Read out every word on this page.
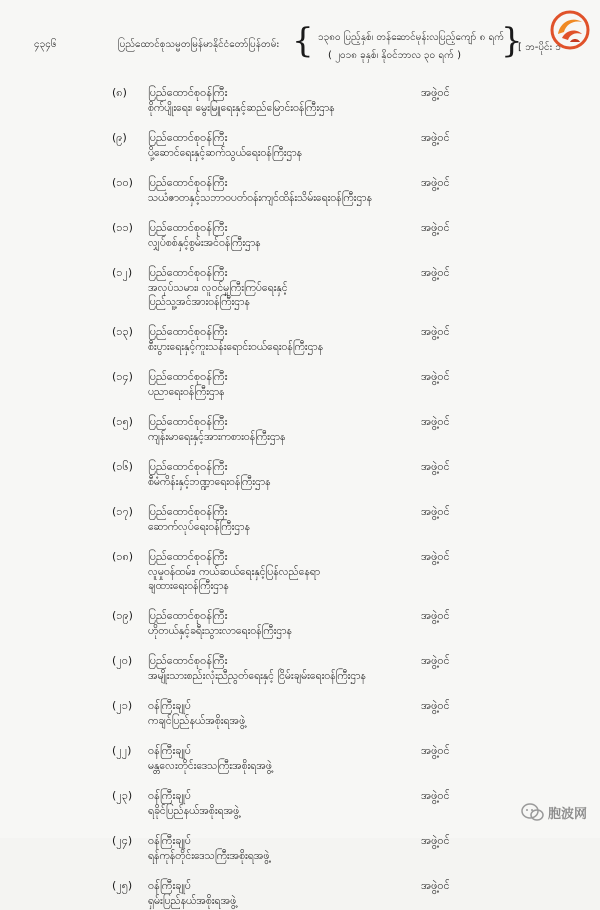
၄၃၄၆	ပြည်ထောင်စုသမ္မတမြန်မာနိုင်ငံတော်ပြန်တမ်း { ၁၃၈၀ ပြည့်နှစ်၊ တန်ဆောင်မုန်းလပြည့်ကျော် ၈ ရက်
( ၂၀၁၈ ခုနှစ်၊ နိုဝင်ဘာလ ၃၀ ရက် ) }
[ ဘ-ပိုင်း ၁
(၈) ပြည်ထောင်စုဝန်ကြီး
စိုက်ပျိုးရေး၊ မွေးမြူရေးနှင့်ဆည်မြောင်းဝန်ကြီးဌာန
အဖွဲ့ဝင်
(၉) ပြည်ထောင်စုဝန်ကြီး
ပို့ဆောင်ရေးနှင့်ဆက်သွယ်ရေးဝန်ကြီးဌာန
အဖွဲ့ဝင်
(၁၀) ပြည်ထောင်စုဝန်ကြီး
သယံဇာတနှင့်သဘာဝပတ်ဝန်းကျင်ထိန်းသိမ်းရေးဝန်ကြီးဌာန
အဖွဲ့ဝင်
(၁၁) ပြည်ထောင်စုဝန်ကြီး
လျှပ်စစ်နှင့်စွမ်းအင်ဝန်ကြီးဌာန
အဖွဲ့ဝင်
(၁၂) ပြည်ထောင်စုဝန်ကြီး
အလုပ်သမား၊ လူဝင်မှုကြီးကြပ်ရေးနှင့်
ပြည်သူ့အင်အားဝန်ကြီးဌာန
အဖွဲ့ဝင်
(၁၃) ပြည်ထောင်စုဝန်ကြီး
စီးပွားရေးနှင့်ကူးသန်းရောင်းဝယ်ရေးဝန်ကြီးဌာန
အဖွဲ့ဝင်
(၁၄) ပြည်ထောင်စုဝန်ကြီး
ပညာရေးဝန်ကြီးဌာန
အဖွဲ့ဝင်
(၁၅) ပြည်ထောင်စုဝန်ကြီး
ကျန်းမာရေးနှင့်အားကစားဝန်ကြီးဌာန
အဖွဲ့ဝင်
(၁၆) ပြည်ထောင်စုဝန်ကြီး
စီမံကိန်းနှင့်ဘဏ္ဍာရေးဝန်ကြီးဌာန
အဖွဲ့ဝင်
(၁၇) ပြည်ထောင်စုဝန်ကြီး
ဆောက်လုပ်ရေးဝန်ကြီးဌာန
အဖွဲ့ဝင်
(၁၈) ပြည်ထောင်စုဝန်ကြီး
လူမှုဝန်ထမ်း၊ ကယ်ဆယ်ရေးနှင့်ပြန်လည်နေရာ
ချထားရေးဝန်ကြီးဌာန
အဖွဲ့ဝင်
(၁၉) ပြည်ထောင်စုဝန်ကြီး
ဟိုတယ်နှင့်ခရီးသွားလာရေးဝန်ကြီးဌာန
အဖွဲ့ဝင်
(၂၀) ပြည်ထောင်စုဝန်ကြီး
အမျိုးသားစည်းလုံးညီညွတ်ရေးနှင့် ငြိမ်းချမ်းရေးဝန်ကြီးဌာန
အဖွဲ့ဝင်
(၂၁) ဝန်ကြီးချုပ်
ကချင်ပြည်နယ်အစိုးရအဖွဲ့
အဖွဲ့ဝင်
(၂၂) ဝန်ကြီးချုပ်
မန္တလေးတိုင်းဒေသကြီးအစိုးရအဖွဲ့
အဖွဲ့ဝင်
(၂၃) ဝန်ကြီးချုပ်
ရခိုင်ပြည်နယ်အစိုးရအဖွဲ့
အဖွဲ့ဝင်
(၂၄) ဝန်ကြီးချုပ်
ရန်ကုန်တိုင်းဒေသကြီးအစိုးရအဖွဲ့
အဖွဲ့ဝင်
(၂၅) ဝန်ကြီးချုပ်
ရှမ်းပြည်နယ်အစိုးရအဖွဲ့
အဖွဲ့ဝင်
胞波网
